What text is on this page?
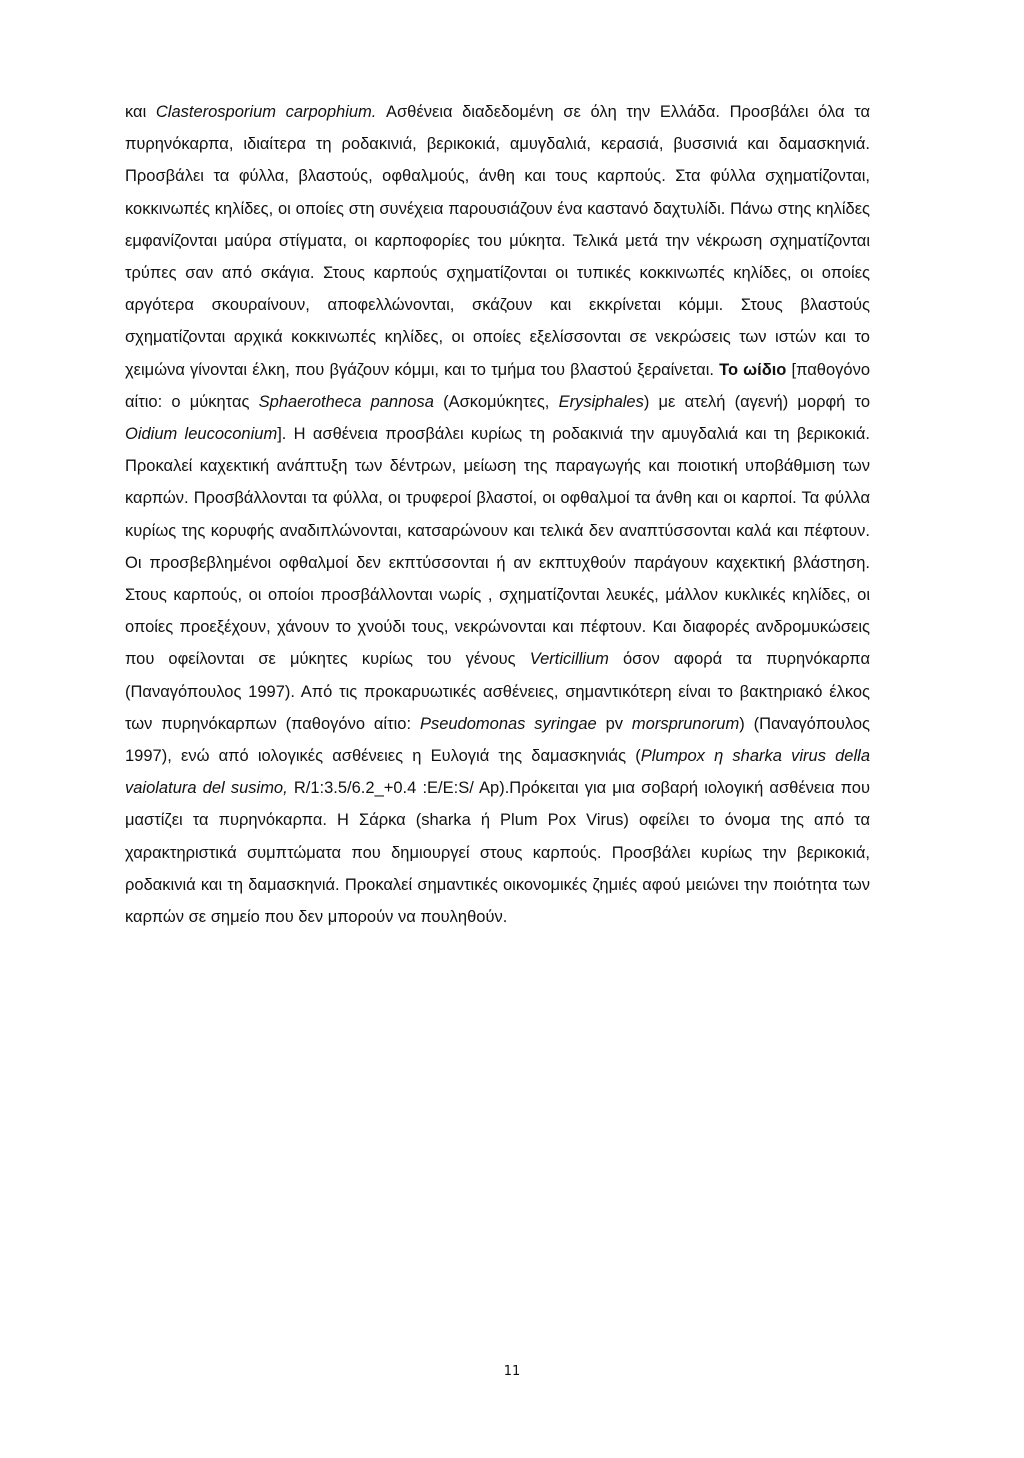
και Clasterosporium carpophium. Ασθένεια διαδεδομένη σε όλη την Ελλάδα. Προσβάλει όλα τα πυρηνόκαρπα, ιδιαίτερα τη ροδακινιά, βερικοκιά, αμυγδαλιά, κερασιά, βυσσινιά και δαμασκηνιά. Προσβάλει τα φύλλα, βλαστούς, οφθαλμούς, άνθη και τους καρπούς. Στα φύλλα σχηματίζονται, κοκκινωπές κηλίδες, οι οποίες στη συνέχεια παρουσιάζουν ένα καστανό δαχτυλίδι. Πάνω στης κηλίδες εμφανίζονται μαύρα στίγματα, οι καρποφορίες του μύκητα. Τελικά μετά την νέκρωση σχηματίζονται τρύπες σαν από σκάγια. Στους καρπούς σχηματίζονται οι τυπικές κοκκινωπές κηλίδες, οι οποίες αργότερα σκουραίνουν, αποφελλώνονται, σκάζουν και εκκρίνεται κόμμι. Στους βλαστούς σχηματίζονται αρχικά κοκκινωπές κηλίδες, οι οποίες εξελίσσονται σε νεκρώσεις των ιστών και το χειμώνα γίνονται έλκη, που βγάζουν κόμμι, και το τμήμα του βλαστού ξεραίνεται. Το ωίδιο [παθογόνο αίτιο: ο μύκητας Sphaerotheca pannosa (Ασκομύκητες, Erysiphales) με ατελή (αγενή) μορφή το Oidium leucoconium]. Η ασθένεια προσβάλει κυρίως τη ροδακινιά την αμυγδαλιά και τη βερικοκιά. Προκαλεί καχεκτική ανάπτυξη των δέντρων, μείωση της παραγωγής και ποιοτική υποβάθμιση των καρπών. Προσβάλλονται τα φύλλα, οι τρυφεροί βλαστοί, οι οφθαλμοί τα άνθη και οι καρποί. Τα φύλλα κυρίως της κορυφής αναδιπλώνονται, κατσαρώνουν και τελικά δεν αναπτύσσονται καλά και πέφτουν. Οι προσβεβλημένοι οφθαλμοί δεν εκπτύσσονται ή αν εκπτυχθούν παράγουν καχεκτική βλάστηση. Στους καρπούς, οι οποίοι προσβάλλονται νωρίς , σχηματίζονται λευκές, μάλλον κυκλικές κηλίδες, οι οποίες προεξέχουν, χάνουν το χνούδι τους, νεκρώνονται και πέφτουν. Και διαφορές ανδρομυκώσεις που οφείλονται σε μύκητες κυρίως του γένους Verticillium όσον αφορά τα πυρηνόκαρπα (Παναγόπουλος 1997). Από τις προκαρυωτικές ασθένειες, σημαντικότερη είναι το βακτηριακό έλκος των πυρηνόκαρπων (παθογόνο αίτιο: Pseudomonas syringae pv morsprunorum) (Παναγόπουλος 1997), ενώ από ιολογικές ασθένειες η Ευλογιά της δαμασκηνιάς (Plumpox η sharka virus della vaiolatura del susimo, R/1:3.5/6.2_+0.4 :E/E:S/ Ap).Πρόκειται για μια σοβαρή ιολογική ασθένεια που μαστίζει τα πυρηνόκαρπα. Η Σάρκα (sharka ή Plum Pox Virus) οφείλει το όνομα της από τα χαρακτηριστικά συμπτώματα που δημιουργεί στους καρπούς. Προσβάλει κυρίως την βερικοκιά, ροδακινιά και τη δαμασκηνιά. Προκαλεί σημαντικές οικονομικές ζημιές αφού μειώνει την ποιότητα των καρπών σε σημείο που δεν μπορούν να πουληθούν.

11
